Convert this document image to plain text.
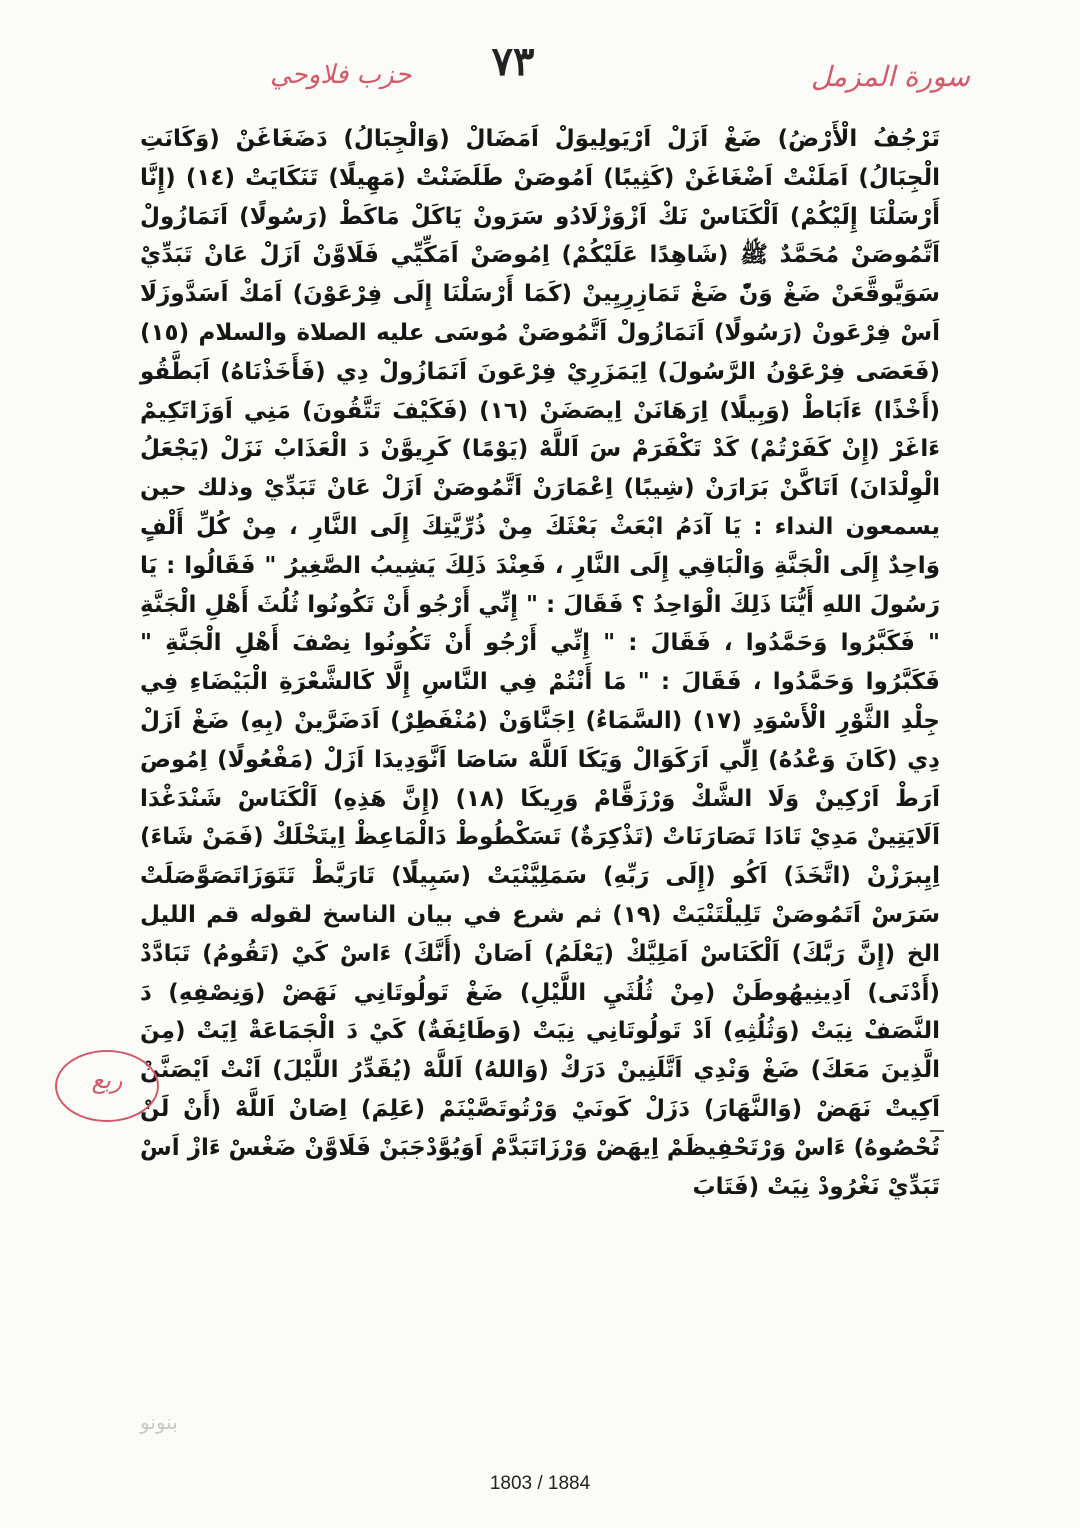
٧٣	سورة المزمل
حزب فلاوحي
تَرْجُفُ الْأَرْضُ) ضَغْ اَزَلْ اَرْيَولِيوَلْ اَمَضَالْ (وَالْجِبَالُ) دَضَغَاغَنْ (وَكَانَتِ الْجِبَالُ) اَمَلَنْتْ اَضْغَاغَنْ (كَثِيبًا) اَمُوصَنْ طَلَضَنْتْ (مَهِيلًا) تَنَكَايَتْ (١٤) (إِنَّا أَرْسَلْنَا إِلَيْكُمْ) اَلْكَنَاسْ نَكْ اَزْوَزْلَادُو سَرَونْ يَاكَلْ مَاكَطْ (رَسُولًا) اَنَمَازُولْ اَتَّمُوصَنْ مُحَمَّدٌ ﷺ (شَاهِدًا عَلَيْكُمْ) اِمُوصَنْ اَمَكِّيِّي فَلَاوَّنْ اَزَلْ عَانْ تَبَدِّيْ سَوَيَّوقَّعَنْ ضَغْ وَنّْ ضَغْ تَمَازِرِيِينْ (كَمَا أَرْسَلْنَا إِلَى فِرْعَوْنَ) اَمَكْ اَسَدَّوزَلَا اَسْ فِرْعَونْ (رَسُولًا) اَنَمَازُولْ اَتَّمُوصَنْ مُوسَى عليه الصلاة والسلام (١٥) (فَعَصَى فِرْعَوْنُ الرَّسُولَ) اِيَمَزَرِيْ فِرْعَونَ اَنَمَازُولْ دِي (فَأَخَذْنَاهُ) اَبَطَّقُو (أَخْذًا) ءَاَبَاطْ (وَبِيلًا) اِرَهَانَنْ اِيصَضَنْ (١٦) (فَكَيْفَ تَتَّقُونَ) مَنِي اَوَزَاتَكِيمْ ءَاغَرْ (إِنْ كَفَرْتُمْ) كَدْ تَكْفَرَمْ سَ اَللَّهْ (يَوْمًا) كَرِيوَّنْ دَ الْعَذَابْ نَزَلْ (يَجْعَلُ الْوِلْدَانَ) اَتَاكَّنْ بَرَارَنْ (شِيبًا) اِعْمَارَنْ اَتَّمُوصَنْ اَزَلْ عَانْ تَبَدِّيْ وذلك حين يسمعون النداء : يَا آدَمُ ابْعَثْ بَعْثَكَ مِنْ ذُرِّيَّتِكَ إِلَى النَّارِ ، مِنْ كُلِّ أَلْفٍ وَاحِدٌ إِلَى الْجَنَّةِ وَالْبَاقِي إِلَى النَّارِ ، فَعِنْدَ ذَلِكَ يَشِيبُ الصَّغِيرُ " فَقَالُوا : يَا رَسُولَ اللهِ أَيُّنَا ذَلِكَ الْوَاحِدُ ؟ فَقَالَ : " إِنِّي أَرْجُو أَنْ تَكُونُوا ثُلُثَ أَهْلِ الْجَنَّةِ " فَكَبَّرُوا وَحَمَّدُوا ، فَقَالَ : " إِنِّي أَرْجُو أَنْ تَكُونُوا نِصْفَ أَهْلِ الْجَنَّةِ " فَكَبَّرُوا وَحَمَّدُوا ، فَقَالَ : " مَا أَنْتُمْ فِي النَّاسِ إِلَّا كَالشَّعْرَةِ الْبَيْضَاءِ فِي جِلْدِ الثَّوْرِ الْأَسْوَدِ (١٧) (السَّمَاءُ) اِجَنَّاوَنْ (مُنْفَطِرٌ) اَدَضَرَّينْ (بِهِ) ضَغْ اَزَلْ دِي (كَانَ وَعْدُهُ) اِلِّي اَرَكَوَالْ وَيَكَا اَللَّهْ سَاصَا اَنَّوَدِيدَا اَزَلْ (مَفْعُولًا) اِمُوصَ اَرَطْ اَرْكِينْ وَلَا الشَّكْ وَرْزَقَّامْ وَرِيكَا (١٨) (إِنَّ هَذِهِ) اَلْكَنَاسْ شَنْدَغْدَا اَلَايَتِينْ مَدِيْ تَادَا تَصَارَنَاتْ (تَذْكِرَةٌ) تَسَكْطُوطْ دَالْمَاعِظْ اِيتَخْلَكْ (فَمَنْ شَاءَ) اِيِبرَزْنْ (اتَّخَذَ) اَكُو (إِلَى رَبِّهِ) سَمَلِيَّنْيَتْ (سَبِيلًا) تَارَيَّطْ تَتَوَزَاتَصَوَّصَلَتْ سَرَسْ اَتَمُوصَنْ تَلِيلْتَنْيَتْ (١٩) ثم شرع في بيان الناسخ لقوله قم الليل الخ (إِنَّ رَبَّكَ) اَلْكَنَاسْ اَمَلِيَّكْ (يَعْلَمُ) اَصَانْ (أَنَّكَ) ءَاسْ كَيْ (تَقُومُ) تَبَادَّدْ (أَدْنَى) اَدِينِيهُوطَنْ (مِنْ ثُلُثَيِ اللَّيْلِ) ضَغْ تَولُوتَانِي نَهَضْ (وَنِصْفِهِ) دَ النَّصَفْ نِيَتْ (وَثُلُثِهِ) اَدْ تَولُوتَانِي نِيَتْ (وَطَائِفَةٌ) كَيْ دَ الْجَمَاعَةْ اِيَتْ (مِنَ الَّذِينَ مَعَكَ) ضَغْ وَنْدِي اَتَّلَنِينْ دَرَكْ (وَاللهُ) اَللَّهْ (يُقَدِّرُ اللَّيْلَ) اَنْتْ اَيْصَنَّنْ اَكِيتْ نَهَضْ (وَالنَّهَارَ) دَزَلْ كَونَيْ وَرْتُوتَصَّيْنَمْ (عَلِمَ) اِصَانْ اَللَّهْ (أَنْ لَنْ تُحْصُوهُ) ءَاسْ وَرْتَحْفِيظَمْ اِيهَضْ وَرْزَاتَبَدَّمْ اَوَيُوَّدْجَبَنْ فَلَاوَّنْ ضَغْسْ ءَازْ اَسْ تَبَدِّيْ نَغْرُودْ نِيَتْ (فَتَابَ
ربع
بنونو
1803 / 1884
